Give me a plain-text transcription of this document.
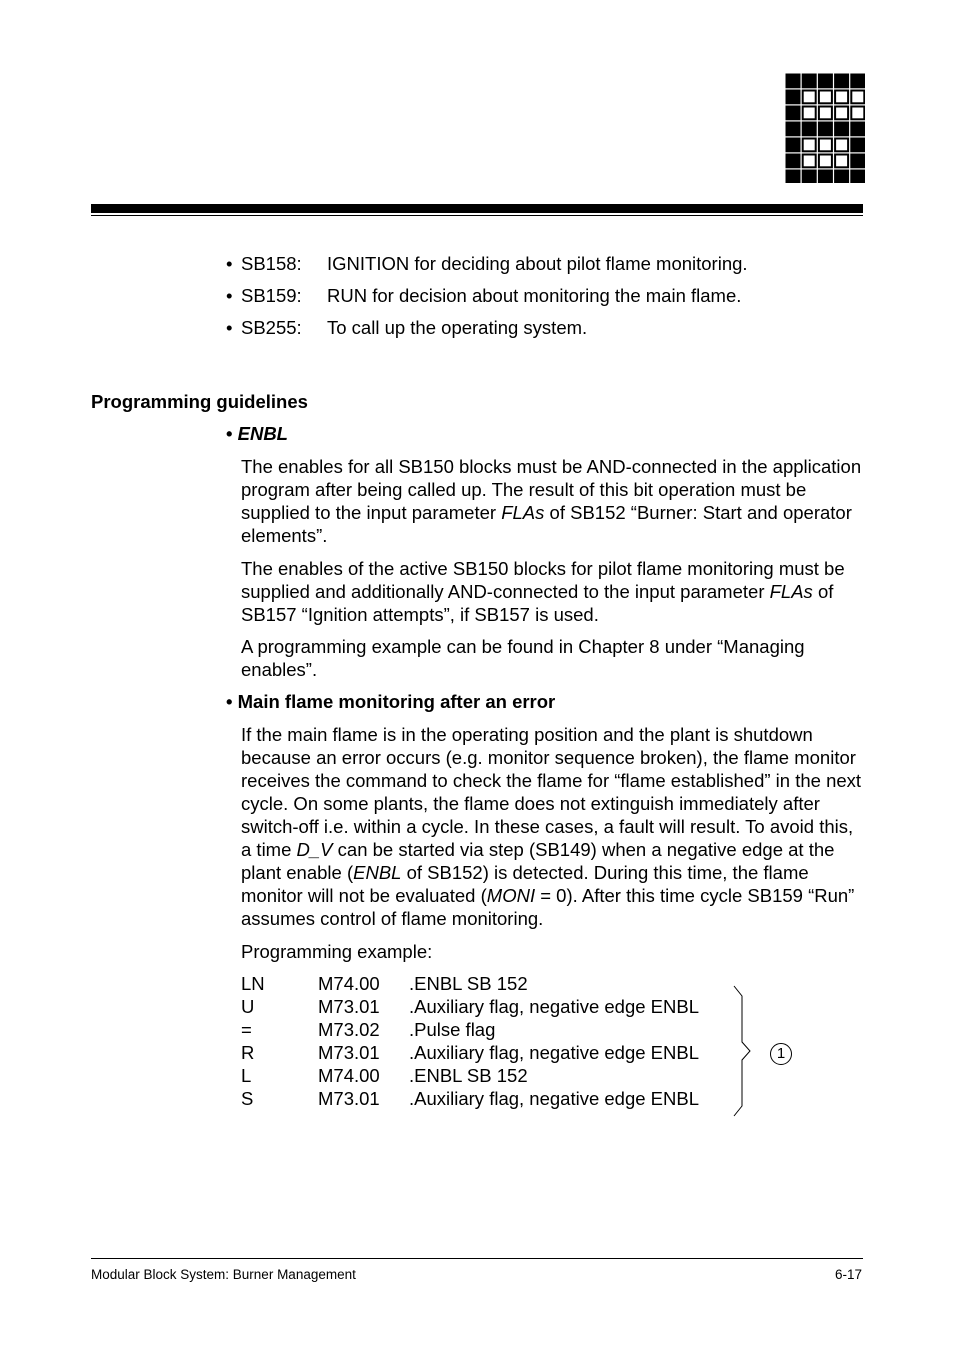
• SB158:	IGNITION for deciding about pilot flame monitoring.
• SB159:	RUN for decision about monitoring the main flame.
• SB255:	To call up the operating system.
Programming guidelines
• ENBL
The enables for all SB150 blocks must be AND-connected in the application program after being called up. The result of this bit operation must be supplied to the input parameter FLAs of SB152 “Burner: Start and operator elements”.
The enables of the active SB150 blocks for pilot flame monitoring must be supplied and additionally AND-connected to the input parameter FLAs of SB157 “Ignition attempts”, if SB157 is used.
A programming example can be found in Chapter 8 under “Managing enables”.
• Main flame monitoring after an error
If the main flame is in the operating position and the plant is shutdown because an error occurs (e.g. monitor sequence broken), the flame monitor receives the command to check the flame for “flame established” in the next cycle. On some plants, the flame does not extinguish immediately after switch-off i.e. within a cycle. In these cases, a fault will result. To avoid this, a time D_V can be started via step (SB149) when a negative edge at the plant enable (ENBL of SB152) is detected. During this time, the flame monitor will not be evaluated (MONI = 0). After this time cycle SB159 “Run” assumes control of flame monitoring.
Programming example:
LN	M74.00	.ENBL SB 152
U	M73.01	.Auxiliary flag, negative edge ENBL
=	M73.02	.Pulse flag
R	M73.01	.Auxiliary flag, negative edge ENBL
L	M74.00	.ENBL SB 152
S	M73.01	.Auxiliary flag, negative edge ENBL
1
Modular Block System: Burner Management	6-17
